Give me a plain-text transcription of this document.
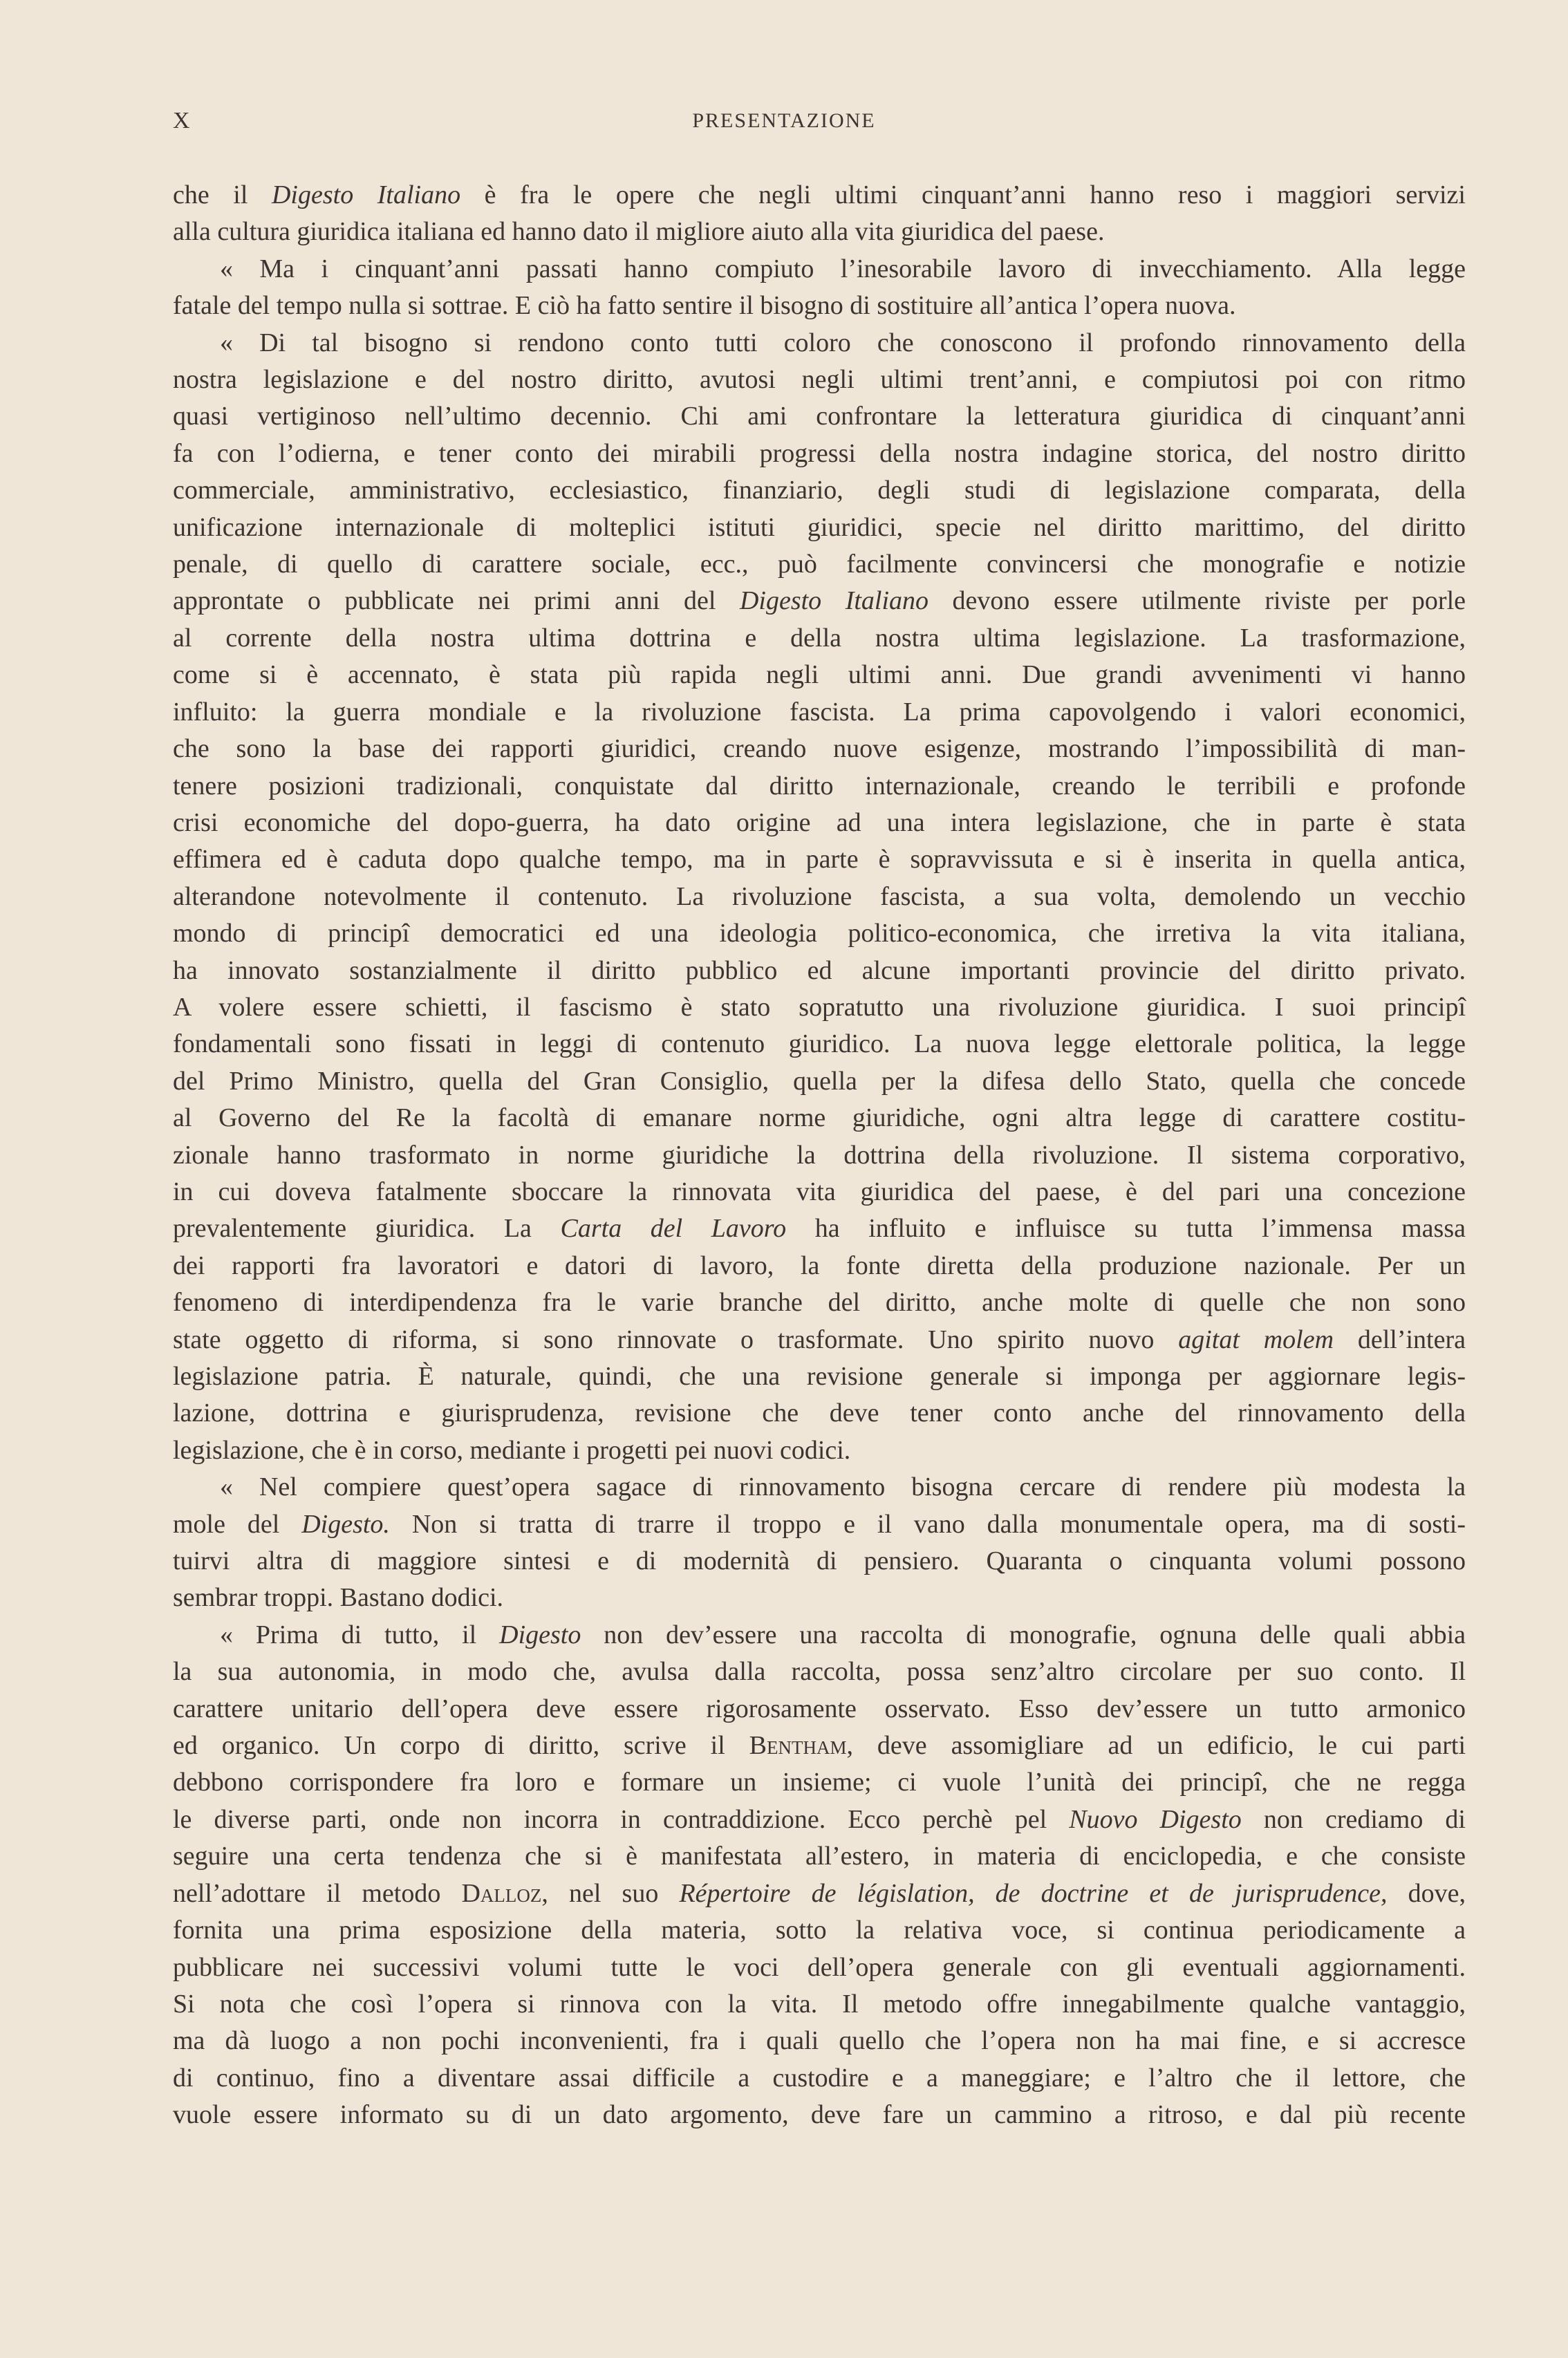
X	PRESENTAZIONE
che il Digesto Italiano è fra le opere che negli ultimi cinquant’anni hanno reso i maggiori servizi
alla cultura giuridica italiana ed hanno dato il migliore aiuto alla vita giuridica del paese.
« Ma i cinquant’anni passati hanno compiuto l’inesorabile lavoro di invecchiamento. Alla legge
fatale del tempo nulla si sottrae. E ciò ha fatto sentire il bisogno di sostituire all’antica l’opera nuova.
« Di tal bisogno si rendono conto tutti coloro che conoscono il profondo rinnovamento della
nostra legislazione e del nostro diritto, avutosi negli ultimi trent’anni, e compiutosi poi con ritmo
quasi vertiginoso nell’ultimo decennio. Chi ami confrontare la letteratura giuridica di cinquant’anni
fa con l’odierna, e tener conto dei mirabili progressi della nostra indagine storica, del nostro diritto
commerciale, amministrativo, ecclesiastico, finanziario, degli studi di legislazione comparata, della
unificazione internazionale di molteplici istituti giuridici, specie nel diritto marittimo, del diritto
penale, di quello di carattere sociale, ecc., può facilmente convincersi che monografie e notizie
approntate o pubblicate nei primi anni del Digesto Italiano devono essere utilmente riviste per porle
al corrente della nostra ultima dottrina e della nostra ultima legislazione. La trasformazione,
come si è accennato, è stata più rapida negli ultimi anni. Due grandi avvenimenti vi hanno
influito: la guerra mondiale e la rivoluzione fascista. La prima capovolgendo i valori economici,
che sono la base dei rapporti giuridici, creando nuove esigenze, mostrando l’impossibilità di man-
tenere posizioni tradizionali, conquistate dal diritto internazionale, creando le terribili e profonde
crisi economiche del dopo-guerra, ha dato origine ad una intera legislazione, che in parte è stata
effimera ed è caduta dopo qualche tempo, ma in parte è sopravvissuta e si è inserita in quella antica,
alterandone notevolmente il contenuto. La rivoluzione fascista, a sua volta, demolendo un vecchio
mondo di principî democratici ed una ideologia politico-economica, che irretiva la vita italiana,
ha innovato sostanzialmente il diritto pubblico ed alcune importanti provincie del diritto privato.
A volere essere schietti, il fascismo è stato sopratutto una rivoluzione giuridica. I suoi principî
fondamentali sono fissati in leggi di contenuto giuridico. La nuova legge elettorale politica, la legge
del Primo Ministro, quella del Gran Consiglio, quella per la difesa dello Stato, quella che concede
al Governo del Re la facoltà di emanare norme giuridiche, ogni altra legge di carattere costitu-
zionale hanno trasformato in norme giuridiche la dottrina della rivoluzione. Il sistema corporativo,
in cui doveva fatalmente sboccare la rinnovata vita giuridica del paese, è del pari una concezione
prevalentemente giuridica. La Carta del Lavoro ha influito e influisce su tutta l’immensa massa
dei rapporti fra lavoratori e datori di lavoro, la fonte diretta della produzione nazionale. Per un
fenomeno di interdipendenza fra le varie branche del diritto, anche molte di quelle che non sono
state oggetto di riforma, si sono rinnovate o trasformate. Uno spirito nuovo agitat molem dell’intera
legislazione patria. È naturale, quindi, che una revisione generale si imponga per aggiornare legis-
lazione, dottrina e giurisprudenza, revisione che deve tener conto anche del rinnovamento della
legislazione, che è in corso, mediante i progetti pei nuovi codici.
« Nel compiere quest’opera sagace di rinnovamento bisogna cercare di rendere più modesta la
mole del Digesto. Non si tratta di trarre il troppo e il vano dalla monumentale opera, ma di sosti-
tuirvi altra di maggiore sintesi e di modernità di pensiero. Quaranta o cinquanta volumi possono
sembrar troppi. Bastano dodici.
« Prima di tutto, il Digesto non dev’essere una raccolta di monografie, ognuna delle quali abbia
la sua autonomia, in modo che, avulsa dalla raccolta, possa senz’altro circolare per suo conto. Il
carattere unitario dell’opera deve essere rigorosamente osservato. Esso dev’essere un tutto armonico
ed organico. Un corpo di diritto, scrive il Bentham, deve assomigliare ad un edificio, le cui parti
debbono corrispondere fra loro e formare un insieme; ci vuole l’unità dei principî, che ne regga
le diverse parti, onde non incorra in contraddizione. Ecco perchè pel Nuovo Digesto non crediamo di
seguire una certa tendenza che si è manifestata all’estero, in materia di enciclopedia, e che consiste
nell’adottare il metodo Dalloz, nel suo Répertoire de législation, de doctrine et de jurisprudence, dove,
fornita una prima esposizione della materia, sotto la relativa voce, si continua periodicamente a
pubblicare nei successivi volumi tutte le voci dell’opera generale con gli eventuali aggiornamenti.
Si nota che così l’opera si rinnova con la vita. Il metodo offre innegabilmente qualche vantaggio,
ma dà luogo a non pochi inconvenienti, fra i quali quello che l’opera non ha mai fine, e si accresce
di continuo, fino a diventare assai difficile a custodire e a maneggiare; e l’altro che il lettore, che
vuole essere informato su di un dato argomento, deve fare un cammino a ritroso, e dal più recente
